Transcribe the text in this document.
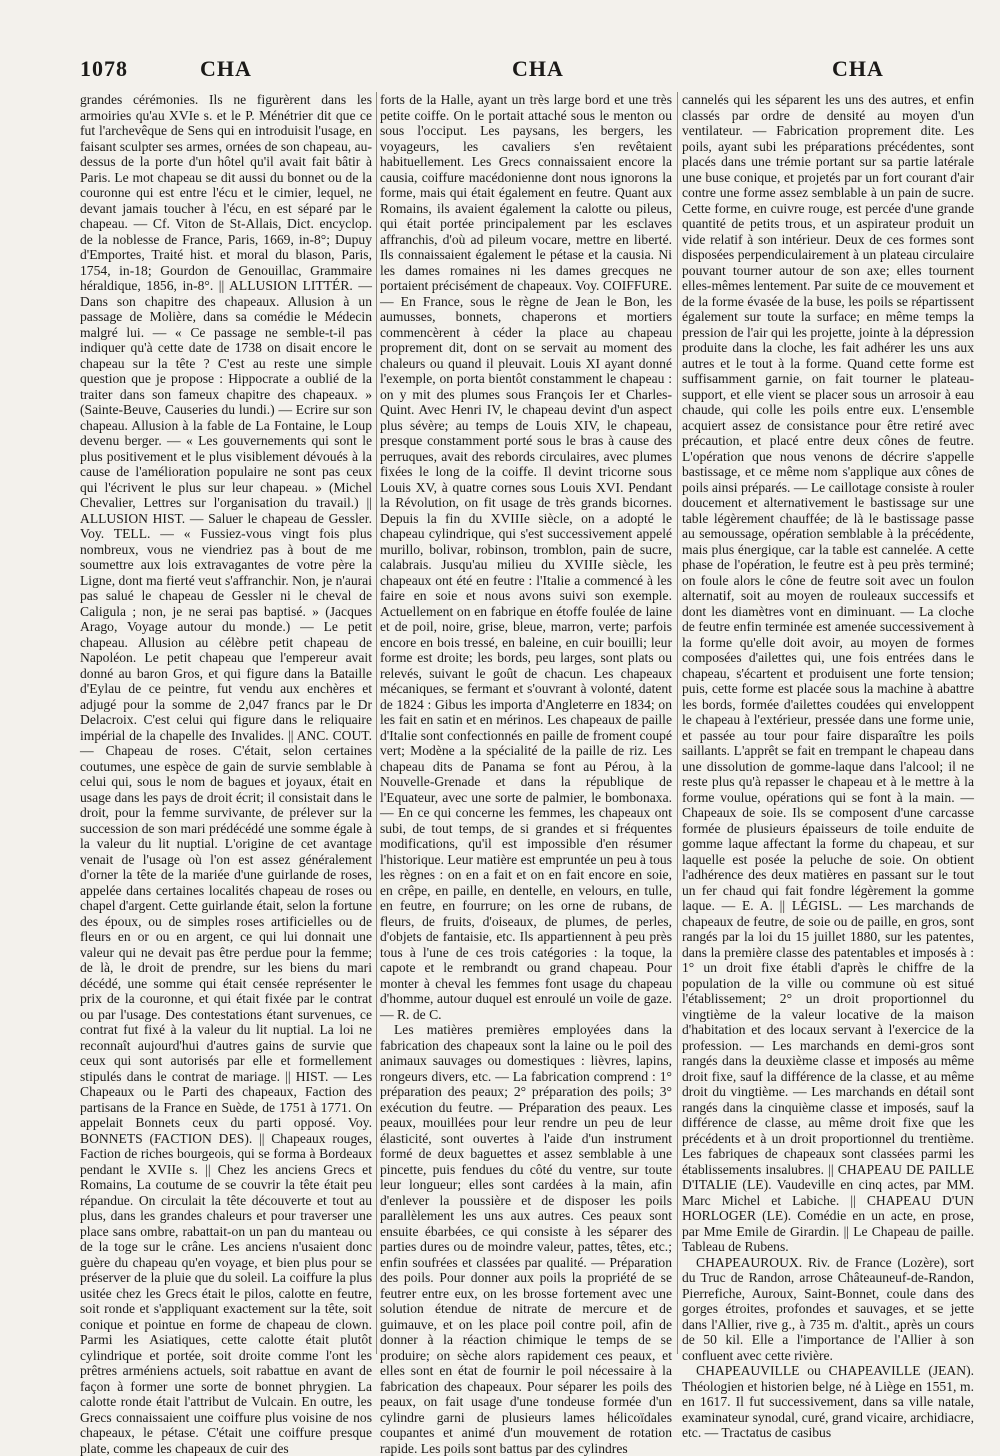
1078	CHA	CHA	CHA

grandes cérémonies. Ils ne figurèrent dans les armoiries qu'au XVIe s. et le P. Ménétrier dit que ce fut l'archevêque de Sens qui en introduisit l'usage, en faisant sculpter ses armes, ornées de son chapeau, au-dessus de la porte d'un hôtel qu'il avait fait bâtir à Paris. Le mot chapeau se dit aussi du bonnet ou de la couronne qui est entre l'écu et le cimier, lequel, ne devant jamais toucher à l'écu, en est séparé par le chapeau. — Cf. Viton de St-Allais, Dict. encyclop. de la noblesse de France, Paris, 1669, in-8°; Dupuy d'Emportes, Traité hist. et moral du blason, Paris, 1754, in-18; Gourdon de Genouillac, Grammaire héraldique, 1856, in-8°. || ALLUSION LITTÉR. — Dans son chapitre des chapeaux. Allusion à un passage de Molière, dans sa comédie le Médecin malgré lui. — « Ce passage ne semble-t-il pas indiquer qu'à cette date de 1738 on disait encore le chapeau sur la tête ? C'est au reste une simple question que je propose : Hippocrate a oublié de la traiter dans son fameux chapitre des chapeaux. » (Sainte-Beuve, Causeries du lundi.) — Ecrire sur son chapeau. Allusion à la fable de La Fontaine, le Loup devenu berger. — « Les gouvernements qui sont le plus positivement et le plus visiblement dévoués à la cause de l'amélioration populaire ne sont pas ceux qui l'écrivent le plus sur leur chapeau. » (Michel Chevalier, Lettres sur l'organisation du travail.) || ALLUSION HIST. — Saluer le chapeau de Gessler. Voy. TELL. — « Fussiez-vous vingt fois plus nombreux, vous ne viendriez pas à bout de me soumettre aux lois extravagantes de votre père la Ligne, dont ma fierté veut s'affranchir. Non, je n'aurai pas salué le chapeau de Gessler ni le cheval de Caligula ; non, je ne serai pas baptisé. » (Jacques Arago, Voyage autour du monde.) — Le petit chapeau. Allusion au célèbre petit chapeau de Napoléon. Le petit chapeau que l'empereur avait donné au baron Gros, et qui figure dans la Bataille d'Eylau de ce peintre, fut vendu aux enchères et adjugé pour la somme de 2,047 francs par le Dr Delacroix. C'est celui qui figure dans le reliquaire impérial de la chapelle des Invalides. || ANC. COUT. — Chapeau de roses. C'était, selon certaines coutumes, une espèce de gain de survie semblable à celui qui, sous le nom de bagues et joyaux, était en usage dans les pays de droit écrit; il consistait dans le droit, pour la femme survivante, de prélever sur la succession de son mari prédécédé une somme égale à la valeur du lit nuptial. L'origine de cet avantage venait de l'usage où l'on est assez généralement d'orner la tête de la mariée d'une guirlande de roses, appelée dans certaines localités chapeau de roses ou chapel d'argent. Cette guirlande était, selon la fortune des époux, ou de simples roses artificielles ou de fleurs en or ou en argent, ce qui lui donnait une valeur qui ne devait pas être perdue pour la femme; de là, le droit de prendre, sur les biens du mari décédé, une somme qui était censée représenter le prix de la couronne, et qui était fixée par le contrat ou par l'usage. Des contestations étant survenues, ce contrat fut fixé à la valeur du lit nuptial. La loi ne reconnaît aujourd'hui d'autres gains de survie que ceux qui sont autorisés par elle et formellement stipulés dans le contrat de mariage. || HIST. — Les Chapeaux ou le Parti des chapeaux, Faction des partisans de la France en Suède, de 1751 à 1771. On appelait Bonnets ceux du parti opposé. Voy. BONNETS (FACTION DES). || Chapeaux rouges, Faction de riches bourgeois, qui se forma à Bordeaux pendant le XVIIe s. || Chez les anciens Grecs et Romains, La coutume de se couvrir la tête était peu répandue. On circulait la tête découverte et tout au plus, dans les grandes chaleurs et pour traverser une place sans ombre, rabattait-on un pan du manteau ou de la toge sur le crâne. Les anciens n'usaient donc guère du chapeau qu'en voyage, et bien plus pour se préserver de la pluie que du soleil. La coiffure la plus usitée chez les Grecs était le pilos, calotte en feutre, soit ronde et s'appliquant exactement sur la tête, soit conique et pointue en forme de chapeau de clown. Parmi les Asiatiques, cette calotte était plutôt cylindrique et portée, soit droite comme l'ont les prêtres arméniens actuels, soit rabattue en avant de façon à former une sorte de bonnet phrygien. La calotte ronde était l'attribut de Vulcain. En outre, les Grecs connaissaient une coiffure plus voisine de nos chapeaux, le pétase. C'était une coiffure presque plate, comme les chapeaux de cuir des

forts de la Halle, ayant un très large bord et une très petite coiffe. On le portait attaché sous le menton ou sous l'occiput. Les paysans, les bergers, les voyageurs, les cavaliers s'en revêtaient habituellement. Les Grecs connaissaient encore la causia, coiffure macédonienne dont nous ignorons la forme, mais qui était également en feutre. Quant aux Romains, ils avaient également la calotte ou pileus, qui était portée principalement par les esclaves affranchis, d'où ad pileum vocare, mettre en liberté. Ils connaissaient également le pétase et la causia. Ni les dames romaines ni les dames grecques ne portaient précisément de chapeaux. Voy. COIFFURE. — En France, sous le règne de Jean le Bon, les aumusses, bonnets, chaperons et mortiers commencèrent à céder la place au chapeau proprement dit, dont on se servait au moment des chaleurs ou quand il pleuvait. Louis XI ayant donné l'exemple, on porta bientôt constamment le chapeau : on y mit des plumes sous François Ier et Charles-Quint. Avec Henri IV, le chapeau devint d'un aspect plus sévère; au temps de Louis XIV, le chapeau, presque constamment porté sous le bras à cause des perruques, avait des rebords circulaires, avec plumes fixées le long de la coiffe. Il devint tricorne sous Louis XV, à quatre cornes sous Louis XVI. Pendant la Révolution, on fit usage de très grands bicornes. Depuis la fin du XVIIIe siècle, on a adopté le chapeau cylindrique, qui s'est successivement appelé murillo, bolivar, robinson, tromblon, pain de sucre, calabrais. Jusqu'au milieu du XVIIIe siècle, les chapeaux ont été en feutre : l'Italie a commencé à les faire en soie et nous avons suivi son exemple. Actuellement on en fabrique en étoffe foulée de laine et de poil, noire, grise, bleue, marron, verte; parfois encore en bois tressé, en baleine, en cuir bouilli; leur forme est droite; les bords, peu larges, sont plats ou relevés, suivant le goût de chacun. Les chapeaux mécaniques, se fermant et s'ouvrant à volonté, datent de 1824 : Gibus les importa d'Angleterre en 1834; on les fait en satin et en mérinos. Les chapeaux de paille d'Italie sont confectionnés en paille de froment coupé vert; Modène a la spécialité de la paille de riz. Les chapeau dits de Panama se font au Pérou, à la Nouvelle-Grenade et dans la république de l'Equateur, avec une sorte de palmier, le bombonaxa. — En ce qui concerne les femmes, les chapeaux ont subi, de tout temps, de si grandes et si fréquentes modifications, qu'il est impossible d'en résumer l'historique. Leur matière est empruntée un peu à tous les règnes : on en a fait et on en fait encore en soie, en crêpe, en paille, en dentelle, en velours, en tulle, en feutre, en fourrure; on les orne de rubans, de fleurs, de fruits, d'oiseaux, de plumes, de perles, d'objets de fantaisie, etc. Ils appartiennent à peu près tous à l'une de ces trois catégories : la toque, la capote et le rembrandt ou grand chapeau. Pour monter à cheval les femmes font usage du chapeau d'homme, autour duquel est enroulé un voile de gaze. — R. de C.

Les matières premières employées dans la fabrication des chapeaux sont la laine ou le poil des animaux sauvages ou domestiques : lièvres, lapins, rongeurs divers, etc. — La fabrication comprend : 1° préparation des peaux; 2° préparation des poils; 3° exécution du feutre. — Préparation des peaux. Les peaux, mouillées pour leur rendre un peu de leur élasticité, sont ouvertes à l'aide d'un instrument formé de deux baguettes et assez semblable à une pincette, puis fendues du côté du ventre, sur toute leur longueur; elles sont cardées à la main, afin d'enlever la poussière et de disposer les poils parallèlement les uns aux autres. Ces peaux sont ensuite ébarbées, ce qui consiste à les séparer des parties dures ou de moindre valeur, pattes, têtes, etc.; enfin soufrées et classées par qualité. — Préparation des poils. Pour donner aux poils la propriété de se feutrer entre eux, on les brosse fortement avec une solution étendue de nitrate de mercure et de guimauve, et on les place poil contre poil, afin de donner à la réaction chimique le temps de se produire; on sèche alors rapidement ces peaux, et elles sont en état de fournir le poil nécessaire à la fabrication des chapeaux. Pour séparer les poils des peaux, on fait usage d'une tondeuse formée d'un cylindre garni de plusieurs lames hélicoïdales coupantes et animé d'un mouvement de rotation rapide. Les poils sont battus par des cylindres

cannelés qui les séparent les uns des autres, et enfin classés par ordre de densité au moyen d'un ventilateur. — Fabrication proprement dite. Les poils, ayant subi les préparations précédentes, sont placés dans une trémie portant sur sa partie latérale une buse conique, et projetés par un fort courant d'air contre une forme assez semblable à un pain de sucre. Cette forme, en cuivre rouge, est percée d'une grande quantité de petits trous, et un aspirateur produit un vide relatif à son intérieur. Deux de ces formes sont disposées perpendiculairement à un plateau circulaire pouvant tourner autour de son axe; elles tournent elles-mêmes lentement. Par suite de ce mouvement et de la forme évasée de la buse, les poils se répartissent également sur toute la surface; en même temps la pression de l'air qui les projette, jointe à la dépression produite dans la cloche, les fait adhérer les uns aux autres et le tout à la forme. Quand cette forme est suffisamment garnie, on fait tourner le plateau-support, et elle vient se placer sous un arrosoir à eau chaude, qui colle les poils entre eux. L'ensemble acquiert assez de consistance pour être retiré avec précaution, et placé entre deux cônes de feutre. L'opération que nous venons de décrire s'appelle bastissage, et ce même nom s'applique aux cônes de poils ainsi préparés. — Le caillotage consiste à rouler doucement et alternativement le bastissage sur une table légèrement chauffée; de là le bastissage passe au semoussage, opération semblable à la précédente, mais plus énergique, car la table est cannelée. A cette phase de l'opération, le feutre est à peu près terminé; on foule alors le cône de feutre soit avec un foulon alternatif, soit au moyen de rouleaux successifs et dont les diamètres vont en diminuant. — La cloche de feutre enfin terminée est amenée successivement à la forme qu'elle doit avoir, au moyen de formes composées d'ailettes qui, une fois entrées dans le chapeau, s'écartent et produisent une forte tension; puis, cette forme est placée sous la machine à abattre les bords, formée d'ailettes coudées qui enveloppent le chapeau à l'extérieur, pressée dans une forme unie, et passée au tour pour faire disparaître les poils saillants. L'apprêt se fait en trempant le chapeau dans une dissolution de gomme-laque dans l'alcool; il ne reste plus qu'à repasser le chapeau et à le mettre à la forme voulue, opérations qui se font à la main. — Chapeaux de soie. Ils se composent d'une carcasse formée de plusieurs épaisseurs de toile enduite de gomme laque affectant la forme du chapeau, et sur laquelle est posée la peluche de soie. On obtient l'adhérence des deux matières en passant sur le tout un fer chaud qui fait fondre légèrement la gomme laque. — E. A. || LÉGISL. — Les marchands de chapeaux de feutre, de soie ou de paille, en gros, sont rangés par la loi du 15 juillet 1880, sur les patentes, dans la première classe des patentables et imposés à : 1° un droit fixe établi d'après le chiffre de la population de la ville ou commune où est situé l'établissement; 2° un droit proportionnel du vingtième de la valeur locative de la maison d'habitation et des locaux servant à l'exercice de la profession. — Les marchands en demi-gros sont rangés dans la deuxième classe et imposés au même droit fixe, sauf la différence de la classe, et au même droit du vingtième. — Les marchands en détail sont rangés dans la cinquième classe et imposés, sauf la différence de classe, au même droit fixe que les précédents et à un droit proportionnel du trentième. Les fabriques de chapeaux sont classées parmi les établissements insalubres. || CHAPEAU DE PAILLE D'ITALIE (LE). Vaudeville en cinq actes, par MM. Marc Michel et Labiche. || CHAPEAU D'UN HORLOGER (LE). Comédie en un acte, en prose, par Mme Emile de Girardin. || Le Chapeau de paille. Tableau de Rubens.

CHAPEAUROUX. Riv. de France (Lozère), sort du Truc de Randon, arrose Châteauneuf-de-Randon, Pierrefiche, Auroux, Saint-Bonnet, coule dans des gorges étroites, profondes et sauvages, et se jette dans l'Allier, rive g., à 735 m. d'altit., après un cours de 50 kil. Elle a l'importance de l'Allier à son confluent avec cette rivière.

CHAPEAUVILLE ou CHAPEAVILLE (JEAN). Théologien et historien belge, né à Liège en 1551, m. en 1617. Il fut successivement, dans sa ville natale, examinateur synodal, curé, grand vicaire, archidiacre, etc. — Tractatus de casibus
